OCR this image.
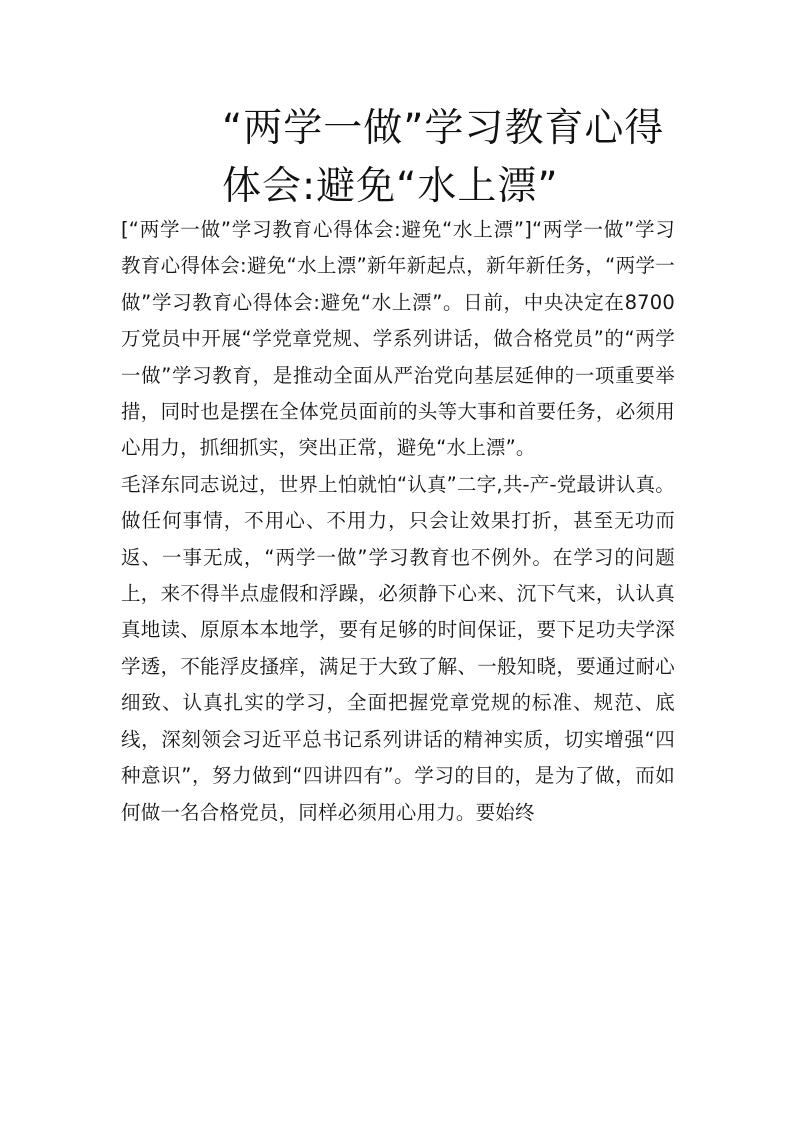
“两学一做”学习教育心得
体会:避免“水上漂”

[“两学一做”学习教育心得体会:避免“水上漂”]“两学一做”学习教育心得体会:避免“水上漂”新年新起点，新年新任务，“两学一做”学习教育心得体会:避免“水上漂”。日前，中央决定在8700万党员中开展“学党章党规、学系列讲话，做合格党员”的“两学一做”学习教育，是推动全面从严治党向基层延伸的一项重要举措，同时也是摆在全体党员面前的头等大事和首要任务，必须用心用力，抓细抓实，突出正常，避免“水上漂”。

毛泽东同志说过，世界上怕就怕“认真”二字,共-产-党最讲认真。做任何事情，不用心、不用力，只会让效果打折，甚至无功而返、一事无成，“两学一做”学习教育也不例外。在学习的问题上，来不得半点虚假和浮躁，必须静下心来、沉下气来，认认真真地读、原原本本地学，要有足够的时间保证，要下足功夫学深学透，不能浮皮搔痒，满足于大致了解、一般知晓，要通过耐心细致、认真扎实的学习，全面把握党章党规的标准、规范、底线，深刻领会习近平总书记系列讲话的精神实质，切实增强“四种意识”，努力做到“四讲四有”。学习的目的，是为了做，而如何做一名合格党员，同样必须用心用力。要始终
